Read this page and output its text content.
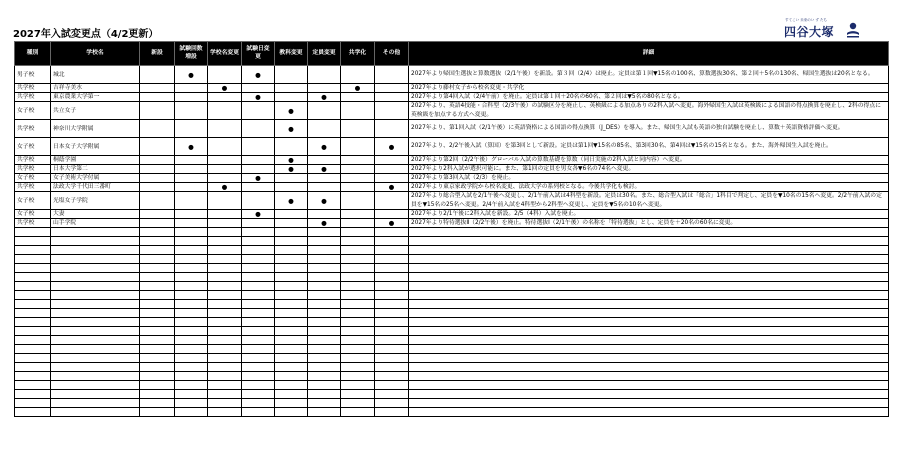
2027年入試変更点（4/2更新）
すてこい 未来のい ず たち
四谷大塚
種別	学校名	新設	試験回数増設	学校名変更	試験日変更	教科変更	定員変更	共学化	その他	詳細
男子校	城北		●		●					2027年より帰国生選抜と算数選抜（2/1午後）を新設。第３回（2/4）は廃止。定員は第１回▼15名の100名、算数選抜30名、第２回＋5名の130名、帰国生選抜は20名となる。
共学校	吉祥寺美水			●				●		2027年より藤村女子から校名変更・共学化
共学校	東京農業大学第一				●		●			2027年より第4回入試（2/4午前）を廃止。定員は第１回＋20名の60名、第２回は▼5名の80名となる。
女子校	共立女子					●				2027年より、英語4技能・合科型（2/3午後）の試験区分を廃止し、英検級による加点ありの2科入試へ変更。海外帰国生入試は英検級による国語の得点換算を廃止し、2科の得点に英検級を加点する方式へ変更。
共学校	神奈川大学附属					●				2027年より、第1回入試（2/1午後）に英語資格による国語の得点換算（J_DES）を導入。また、帰国生入試も英語の独自試験を廃止し、算数＋英語資格評価へ変更。
女子校	日本女子大学附属		●				●		●	2027年より、2/2午後入試（算国）を第3回として新設。定員は第1回▼15名の85名、第3回30名、第4回は▼15名の15名となる。また、海外帰国生入試を廃止。
共学校	桐蔭学園					●				2027年より第2回（2/2午後）グローバル入試の算数基礎を算数（同日実施の2科入試と同内容）へ変更。
共学校	日本大学第二					●	●			2027年より2科入試が選択可能に。また、第1回の定員を男女各▼6名の74名へ変更。
女子校	女子美術大学付属				●					2027年より第3回入試（2/3）を廃止。
共学校	法政大学千代田三番町			●					●	2027年より東京家政学院から校名変更、法政大学の系列校となる。今後共学化も検討。
女子校	光塩女子学院					●	●			2027年より総合型入試を2/1午後へ変更し、2/1午前入試は4科型を新設。定員は30名。また、総合型入試は「総合」1科目で判定し、定員を▼10名の15名へ変更。2/2午前入試の定員を▼15名の25名へ変更。2/4午前入試を4科型から2科型へ変更し、定員を▼5名の10名へ変更。
女子校	大妻				●					2027年より2/1午後に2科入試を新設。2/5（4科）入試を廃止。
共学校	山手学院						●		●	2027年より特待選抜Ⅱ（2/2午後）を廃止。特待選抜Ⅰ（2/1午後）の名称を「特待選抜」とし、定員を＋20名の60名に変更。
